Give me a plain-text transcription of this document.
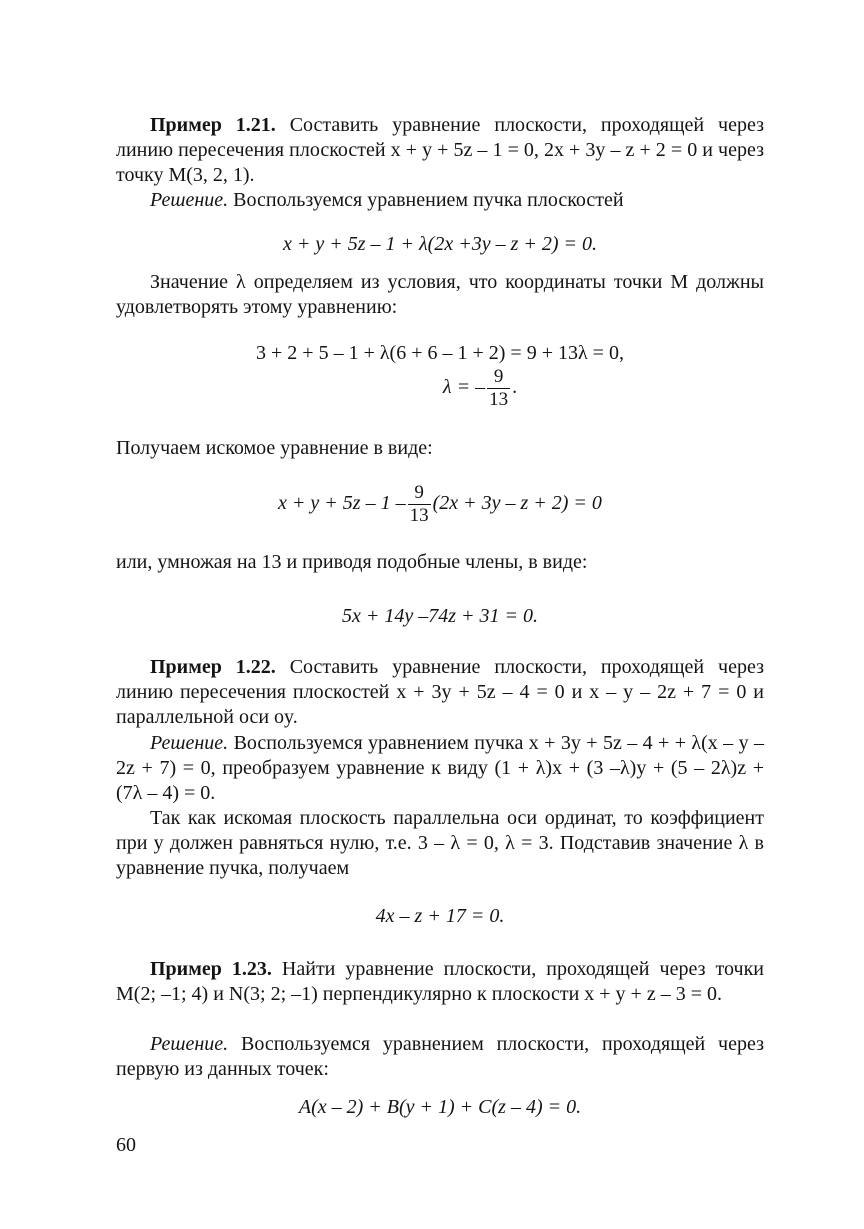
Пример 1.21. Составить уравнение плоскости, проходящей через линию пересечения плоскостей x + y + 5z – 1 = 0, 2x + 3y – z + 2 = 0 и через точку M(3, 2, 1).

Решение. Воспользуемся уравнением пучка плоскостей

x + y + 5z – 1 + λ(2x +3y – z + 2) = 0.

Значение λ определяем из условия, что координаты точки M должны удовлетворять этому уравнению:

3 + 2 + 5 – 1 + λ(6 + 6 – 1 + 2) = 9 + 13λ = 0,

λ = – $\frac{9}{13}$ .

Получаем искомое уравнение в виде:

$x + y + 5z - 1 - \frac{9}{13} (2x + 3y - z + 2) = 0$

или, умножая на 13 и приводя подобные члены, в виде:

5x + 14y –74z + 31 = 0.

Пример 1.22. Составить уравнение плоскости, проходящей через линию пересечения плоскостей x + 3y + 5z – 4 = 0 и x – y – 2z + 7 = 0 и параллельной оси oy.

Решение. Воспользуемся уравнением пучка x + 3y + 5z – 4 + + λ(x – y – 2z + 7) = 0, преобразуем уравнение к виду (1 + λ)x + (3 –λ)y + (5 – 2λ)z + (7λ – 4) = 0.

Так как искомая плоскость параллельна оси ординат, то коэффициент при y должен равняться нулю, т.е. 3 – λ = 0, λ = 3. Подставив значение λ в уравнение пучка, получаем

4x – z + 17 = 0.

Пример 1.23. Найти уравнение плоскости, проходящей через точки M(2; –1; 4) и N(3; 2; –1) перпендикулярно к плоскости x + y + z – 3 = 0.

Решение. Воспользуемся уравнением плоскости, проходящей через первую из данных точек:

A(x – 2) + B(y + 1) + C(z – 4) = 0.

60
